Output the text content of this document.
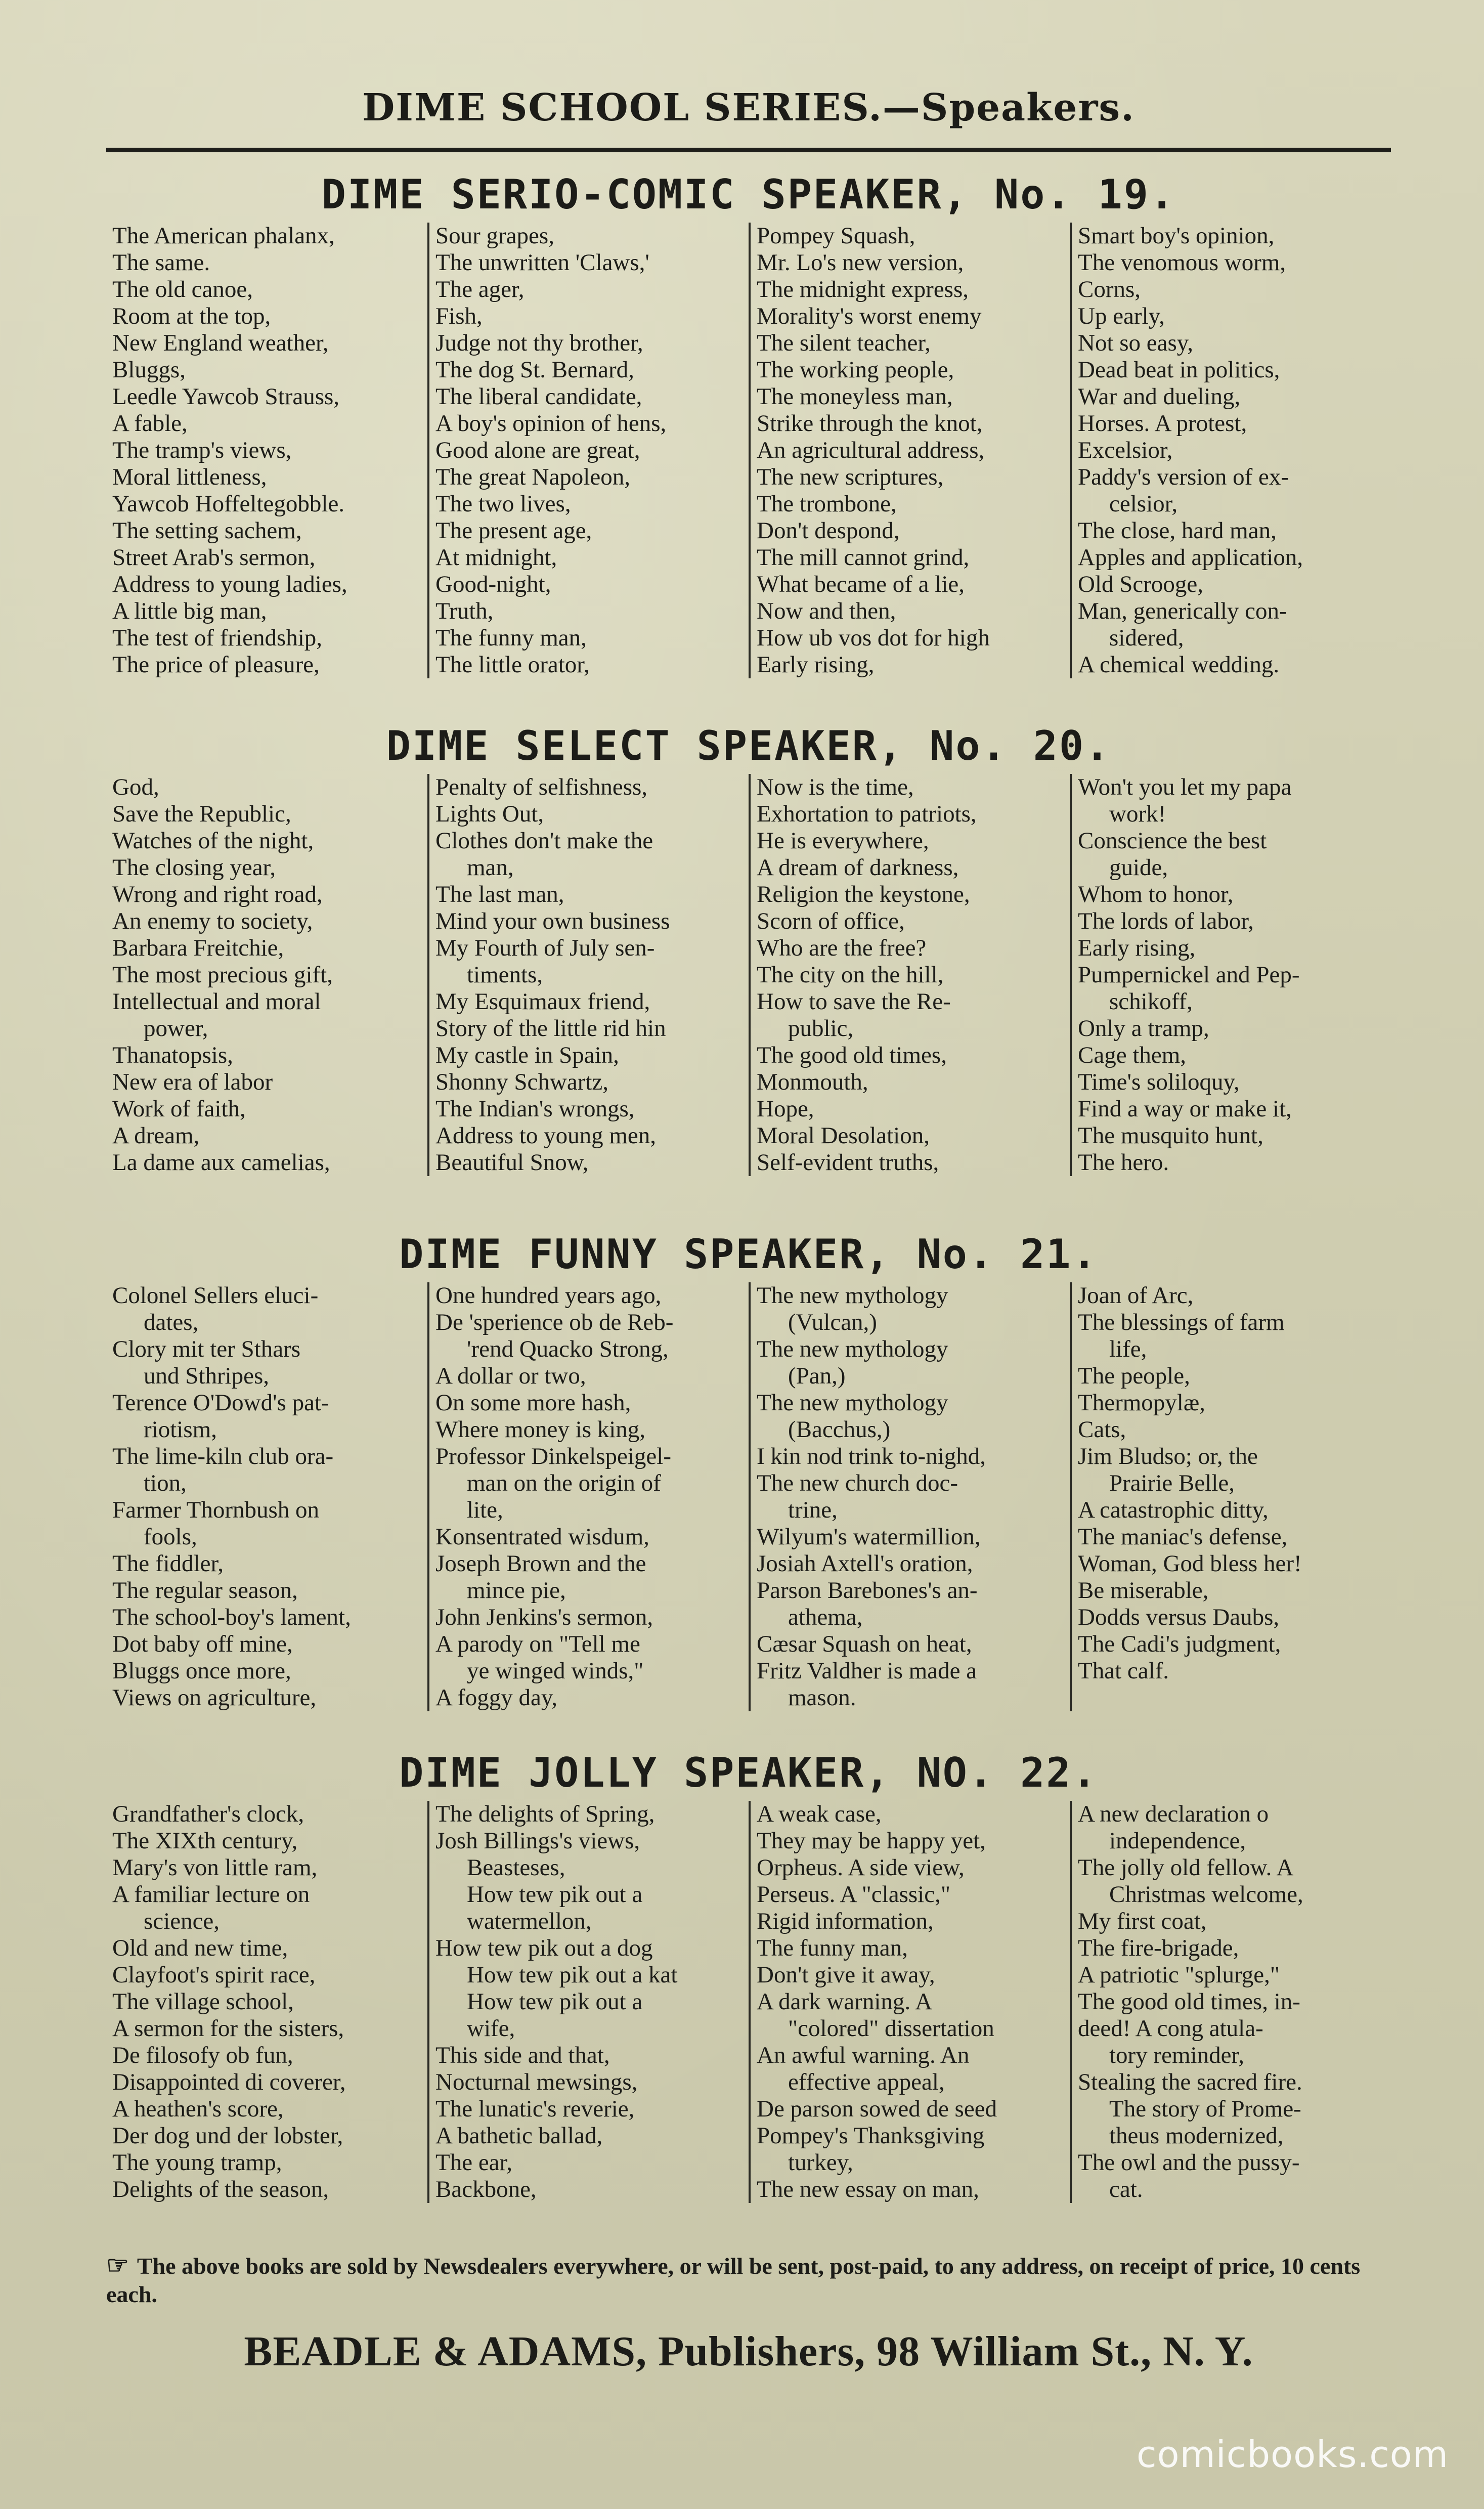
DIME SCHOOL SERIES.—Speakers.
DIME SERIO-COMIC SPEAKER, No. 19.
The American phalanx,
The same.
The old canoe,
Room at the top,
New England weather,
Bluggs,
Leedle Yawcob Strauss,
A fable,
The tramp's views,
Moral littleness,
Yawcob Hoffeltegobble.
The setting sachem,
Street Arab's sermon,
Address to young ladies,
A little big man,
The test of friendship,
The price of pleasure,
Sour grapes,
The unwritten 'Claws,'
The ager,
Fish,
Judge not thy brother,
The dog St. Bernard,
The liberal candidate,
A boy's opinion of hens,
Good alone are great,
The great Napoleon,
The two lives,
The present age,
At midnight,
Good-night,
Truth,
The funny man,
The little orator,
Pompey Squash,
Mr. Lo's new version,
The midnight express,
Morality's worst enemy
The silent teacher,
The working people,
The moneyless man,
Strike through the knot,
An agricultural address,
The new scriptures,
The trombone,
Don't despond,
The mill cannot grind,
What became of a lie,
Now and then,
How ub vos dot for high
Early rising,
Smart boy's opinion,
The venomous worm,
Corns,
Up early,
Not so easy,
Dead beat in politics,
War and dueling,
Horses. A protest,
Excelsior,
Paddy's version of ex-
celsior,
The close, hard man,
Apples and application,
Old Scrooge,
Man, generically con-
sidered,
A chemical wedding.
DIME SELECT SPEAKER, No. 20.
God,
Save the Republic,
Watches of the night,
The closing year,
Wrong and right road,
An enemy to society,
Barbara Freitchie,
The most precious gift,
Intellectual and moral
power,
Thanatopsis,
New era of labor
Work of faith,
A dream,
La dame aux camelias,
Penalty of selfishness,
Lights Out,
Clothes don't make the
man,
The last man,
Mind your own business
My Fourth of July sen-
timents,
My Esquimaux friend,
Story of the little rid hin
My castle in Spain,
Shonny Schwartz,
The Indian's wrongs,
Address to young men,
Beautiful Snow,
Now is the time,
Exhortation to patriots,
He is everywhere,
A dream of darkness,
Religion the keystone,
Scorn of office,
Who are the free?
The city on the hill,
How to save the Re-
public,
The good old times,
Monmouth,
Hope,
Moral Desolation,
Self-evident truths,
Won't you let my papa
work!
Conscience the best
guide,
Whom to honor,
The lords of labor,
Early rising,
Pumpernickel and Pep-
schikoff,
Only a tramp,
Cage them,
Time's soliloquy,
Find a way or make it,
The musquito hunt,
The hero.
DIME FUNNY SPEAKER, No. 21.
Colonel Sellers eluci-
dates,
Clory mit ter Sthars
und Sthripes,
Terence O'Dowd's pat-
riotism,
The lime-kiln club ora-
tion,
Farmer Thornbush on
fools,
The fiddler,
The regular season,
The school-boy's lament,
Dot baby off mine,
Bluggs once more,
Views on agriculture,
One hundred years ago,
De 'sperience ob de Reb-
'rend Quacko Strong,
A dollar or two,
On some more hash,
Where money is king,
Professor Dinkelspeigel-
man on the origin of
lite,
Konsentrated wisdum,
Joseph Brown and the
mince pie,
John Jenkins's sermon,
A parody on "Tell me
ye winged winds,"
A foggy day,
The new mythology
(Vulcan,)
The new mythology
(Pan,)
The new mythology
(Bacchus,)
I kin nod trink to-nighd,
The new church doc-
trine,
Wilyum's watermillion,
Josiah Axtell's oration,
Parson Barebones's an-
athema,
Cæsar Squash on heat,
Fritz Valdher is made a
mason.
Joan of Arc,
The blessings of farm
life,
The people,
Thermopylæ,
Cats,
Jim Bludso; or, the
Prairie Belle,
A catastrophic ditty,
The maniac's defense,
Woman, God bless her!
Be miserable,
Dodds versus Daubs,
The Cadi's judgment,
That calf.
DIME JOLLY SPEAKER, NO. 22.
Grandfather's clock,
The XIXth century,
Mary's von little ram,
A familiar lecture on
science,
Old and new time,
Clayfoot's spirit race,
The village school,
A sermon for the sisters,
De filosofy ob fun,
Disappointed di coverer,
A heathen's score,
Der dog und der lobster,
The young tramp,
Delights of the season,
The delights of Spring,
Josh Billings's views,
Beasteses,
How tew pik out a
watermellon,
How tew pik out a dog
How tew pik out a kat
How tew pik out a
wife,
This side and that,
Nocturnal mewsings,
The lunatic's reverie,
A bathetic ballad,
The ear,
Backbone,
A weak case,
They may be happy yet,
Orpheus. A side view,
Perseus. A "classic,"
Rigid information,
The funny man,
Don't give it away,
A dark warning. A
"colored" dissertation
An awful warning. An
effective appeal,
De parson sowed de seed
Pompey's Thanksgiving
turkey,
The new essay on man,
A new declaration o
independence,
The jolly old fellow. A
Christmas welcome,
My first coat,
The fire-brigade,
A patriotic "splurge,"
The good old times, in-
deed! A cong atula-
tory reminder,
Stealing the sacred fire.
The story of Prome-
theus modernized,
The owl and the pussy-
cat.
☞ The above books are sold by Newsdealers everywhere, or will be sent, post-paid, to any address, on receipt of price, 10 cents each.
BEADLE & ADAMS, Publishers, 98 William St., N. Y.
comicbooks.com
